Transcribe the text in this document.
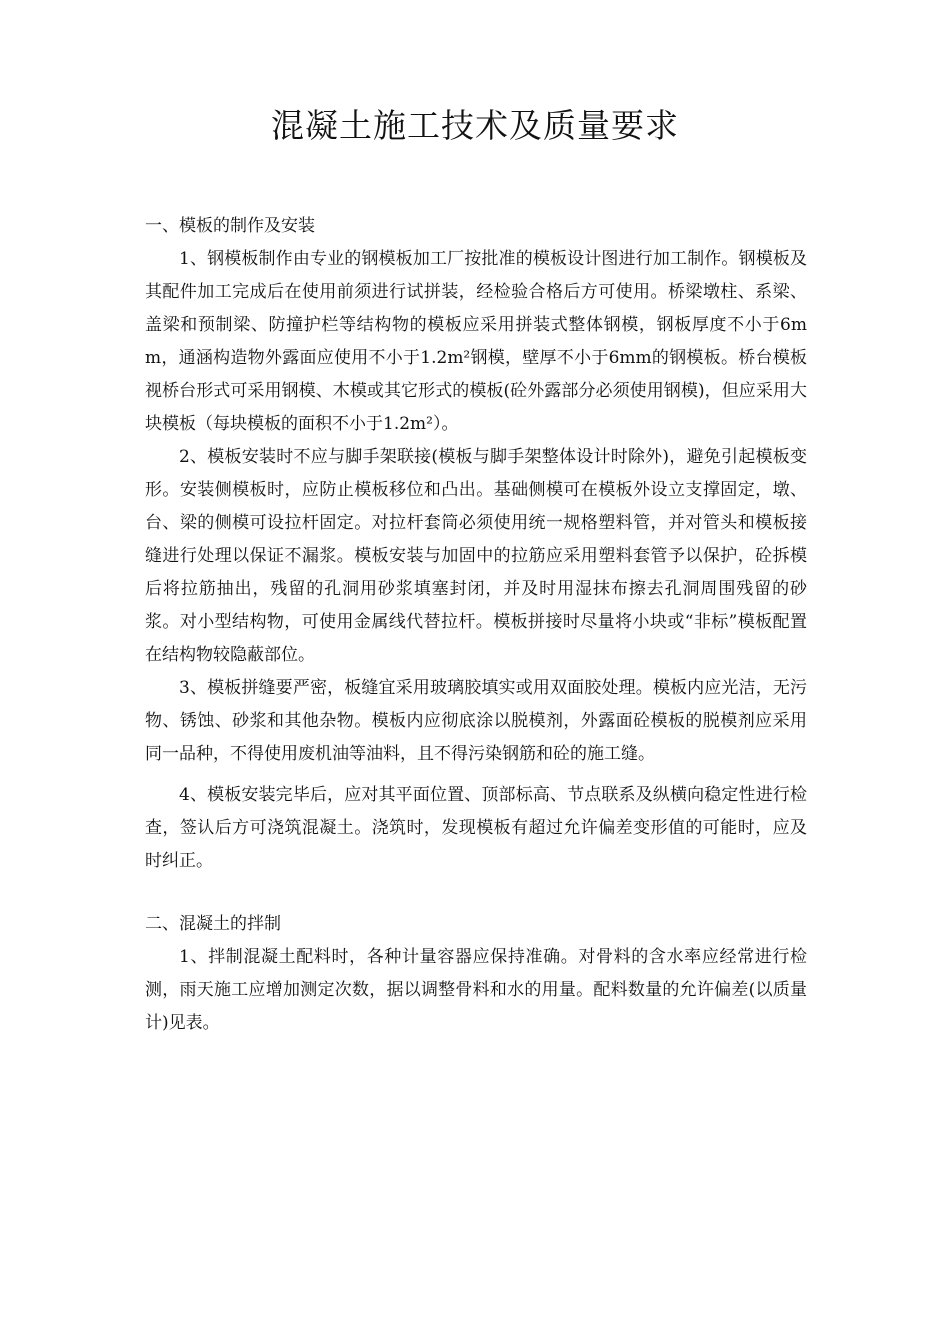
混凝土施工技术及质量要求

一、模板的制作及安装

1、钢模板制作由专业的钢模板加工厂按批准的模板设计图进行加工制作。钢模板及其配件加工完成后在使用前须进行试拼装，经检验合格后方可使用。桥梁墩柱、系梁、盖梁和预制梁、防撞护栏等结构物的模板应采用拼装式整体钢模，钢板厚度不小于6mm，通涵构造物外露面应使用不小于1.2m²钢模，壁厚不小于6mm的钢模板。桥台模板视桥台形式可采用钢模、木模或其它形式的模板(砼外露部分必须使用钢模)，但应采用大块模板（每块模板的面积不小于1.2m²）。

2、模板安装时不应与脚手架联接(模板与脚手架整体设计时除外)，避免引起模板变形。安装侧模板时，应防止模板移位和凸出。基础侧模可在模板外设立支撑固定，墩、台、梁的侧模可设拉杆固定。对拉杆套筒必须使用统一规格塑料管，并对管头和模板接缝进行处理以保证不漏浆。模板安装与加固中的拉筋应采用塑料套管予以保护，砼拆模后将拉筋抽出，残留的孔洞用砂浆填塞封闭，并及时用湿抹布擦去孔洞周围残留的砂浆。对小型结构物，可使用金属线代替拉杆。模板拼接时尽量将小块或“非标”模板配置在结构物较隐蔽部位。

3、模板拼缝要严密，板缝宜采用玻璃胶填实或用双面胶处理。模板内应光洁，无污物、锈蚀、砂浆和其他杂物。模板内应彻底涂以脱模剂，外露面砼模板的脱模剂应采用同一品种，不得使用废机油等油料，且不得污染钢筋和砼的施工缝。

4、模板安装完毕后，应对其平面位置、顶部标高、节点联系及纵横向稳定性进行检查，签认后方可浇筑混凝土。浇筑时，发现模板有超过允许偏差变形值的可能时，应及时纠正。

二、混凝土的拌制

1、拌制混凝土配料时，各种计量容器应保持准确。对骨料的含水率应经常进行检测，雨天施工应增加测定次数，据以调整骨料和水的用量。配料数量的允许偏差(以质量计)见表。
